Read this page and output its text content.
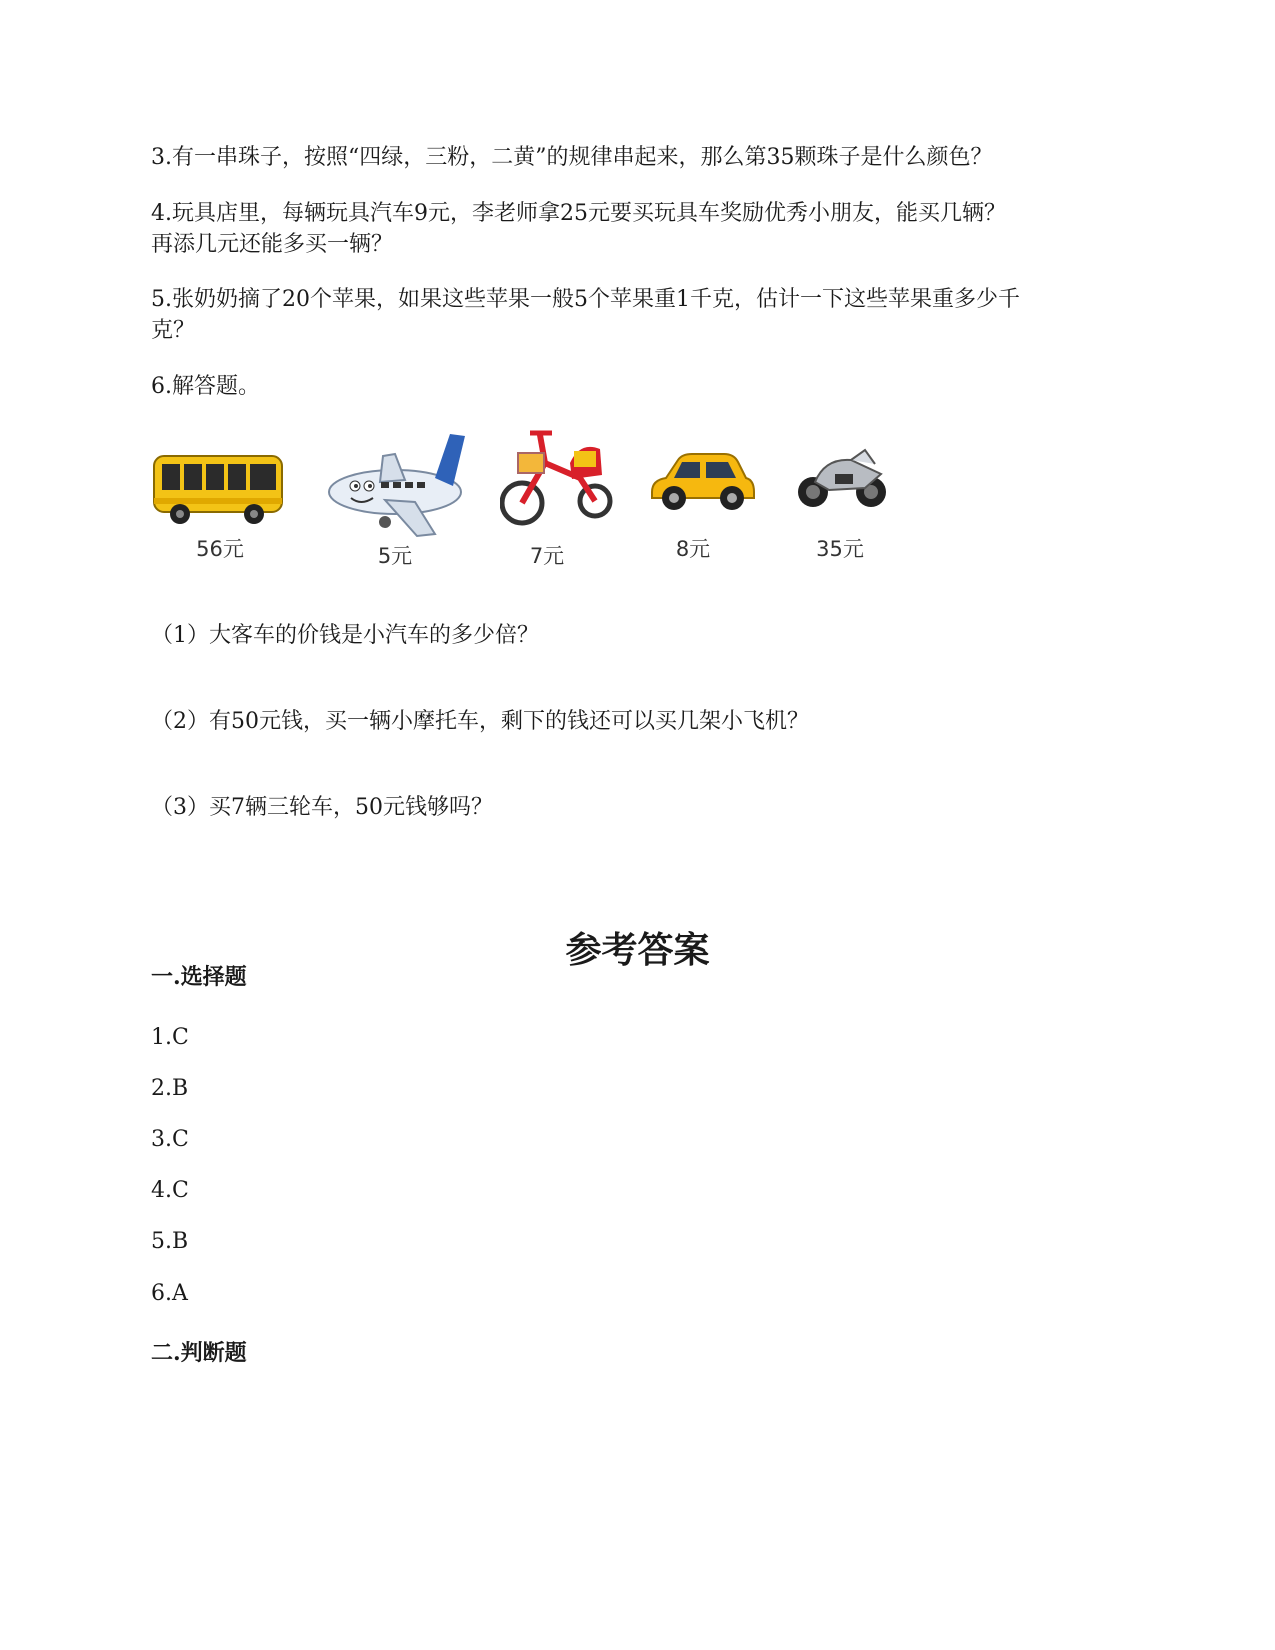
3.有一串珠子，按照“四绿，三粉，二黄”的规律串起来，那么第35颗珠子是什么颜色？

4.玩具店里，每辆玩具汽车9元，李老师拿25元要买玩具车奖励优秀小朋友，能买几辆？

再添几元还能多买一辆？

5.张奶奶摘了20个苹果，如果这些苹果一般5个苹果重1千克，估计一下这些苹果重多少千

克？

6.解答题。

56元	5元	7元	8元	35元

（1）大客车的价钱是小汽车的多少倍？

（2）有50元钱，买一辆小摩托车，剩下的钱还可以买几架小飞机？

（3）买7辆三轮车，50元钱够吗？

参考答案

一.选择题

1.C

2.B

3.C

4.C

5.B

6.A

二.判断题
